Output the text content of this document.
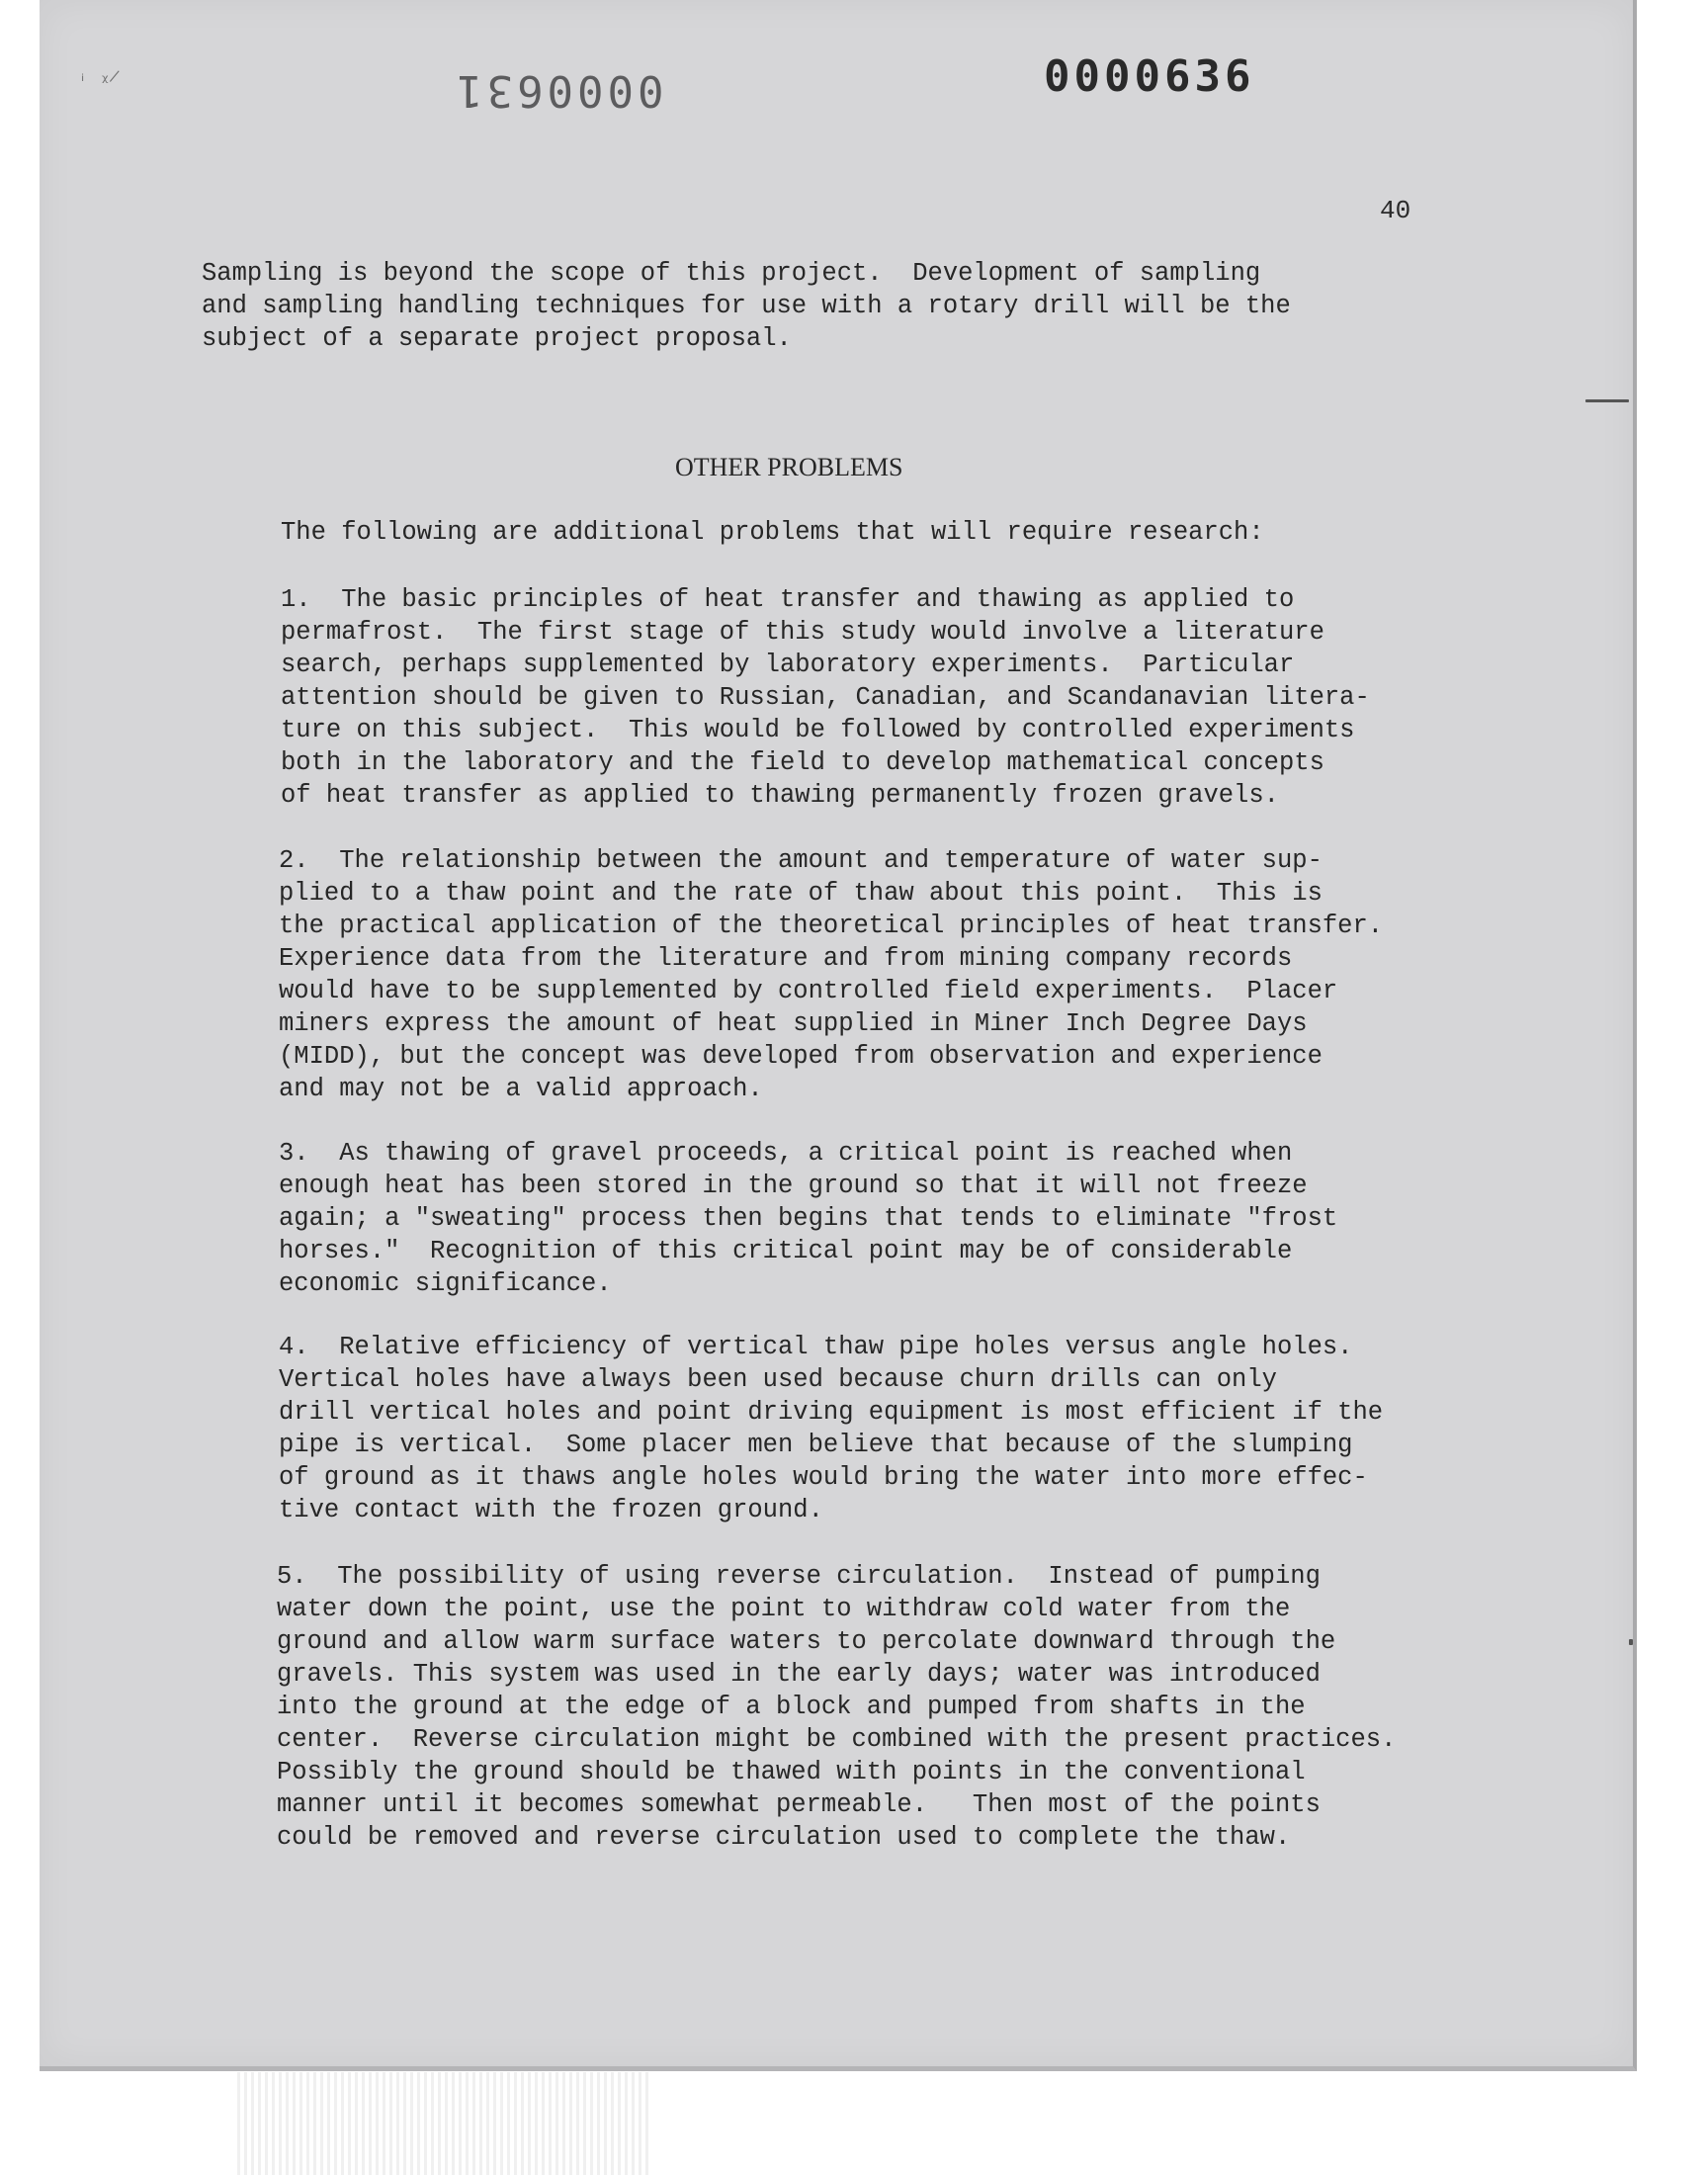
ᵢ ᵪ ̷	0000631	0000636
40
Sampling is beyond the scope of this project.  Development of sampling
and sampling handling techniques for use with a rotary drill will be the
subject of a separate project proposal.
OTHER PROBLEMS
The following are additional problems that will require research:
1.  The basic principles of heat transfer and thawing as applied to
permafrost.  The first stage of this study would involve a literature
search, perhaps supplemented by laboratory experiments.  Particular
attention should be given to Russian, Canadian, and Scandanavian litera-
ture on this subject.  This would be followed by controlled experiments
both in the laboratory and the field to develop mathematical concepts
of heat transfer as applied to thawing permanently frozen gravels.
2.  The relationship between the amount and temperature of water sup-
plied to a thaw point and the rate of thaw about this point.  This is
the practical application of the theoretical principles of heat transfer.
Experience data from the literature and from mining company records
would have to be supplemented by controlled field experiments.  Placer
miners express the amount of heat supplied in Miner Inch Degree Days
(MIDD), but the concept was developed from observation and experience
and may not be a valid approach.
3.  As thawing of gravel proceeds, a critical point is reached when
enough heat has been stored in the ground so that it will not freeze
again; a "sweating" process then begins that tends to eliminate "frost
horses."  Recognition of this critical point may be of considerable
economic significance.
4.  Relative efficiency of vertical thaw pipe holes versus angle holes.
Vertical holes have always been used because churn drills can only
drill vertical holes and point driving equipment is most efficient if the
pipe is vertical.  Some placer men believe that because of the slumping
of ground as it thaws angle holes would bring the water into more effec-
tive contact with the frozen ground.
5.  The possibility of using reverse circulation.  Instead of pumping
water down the point, use the point to withdraw cold water from the
ground and allow warm surface waters to percolate downward through the
gravels. This system was used in the early days; water was introduced
into the ground at the edge of a block and pumped from shafts in the
center.  Reverse circulation might be combined with the present practices.
Possibly the ground should be thawed with points in the conventional
manner until it becomes somewhat permeable.   Then most of the points
could be removed and reverse circulation used to complete the thaw.
